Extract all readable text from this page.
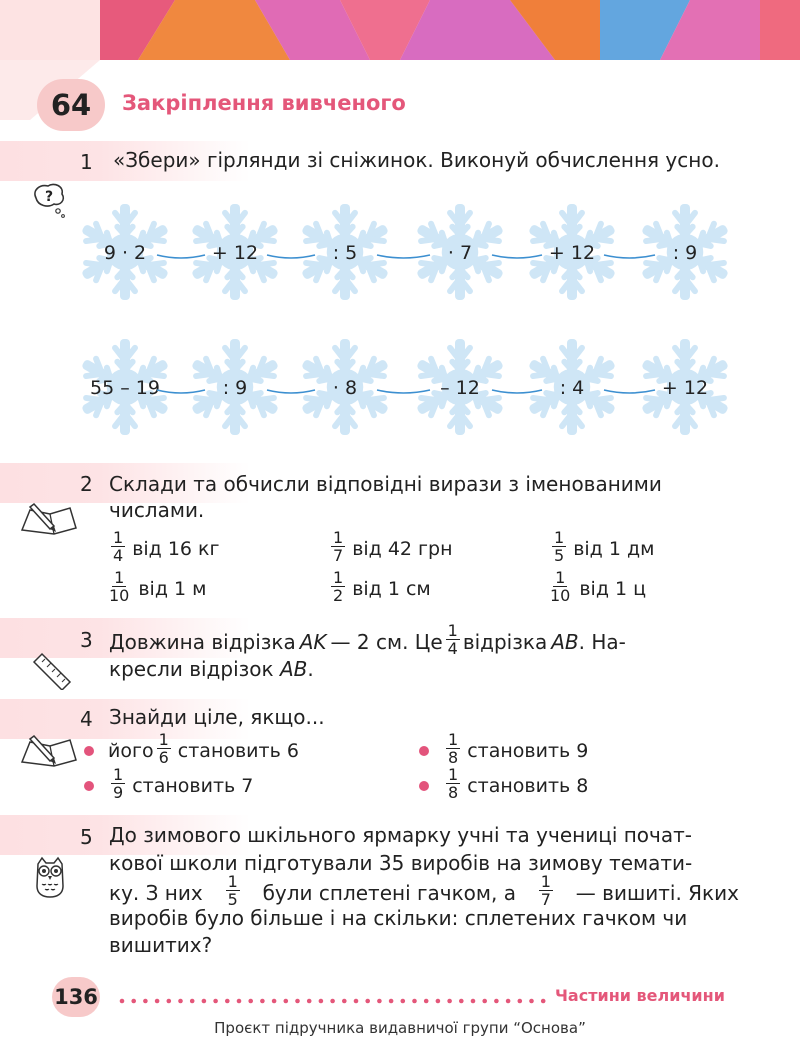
64 Закріплення вивченого
1 «Збери» гірлянди зі сніжинок. Виконуй обчислення усно.
?
9 · 2	+ 12	: 5	· 7	+ 12	: 9
55 – 19	: 9	· 8	– 12	: 4	+ 12
2 Склади та обчисли відповідні вирази з іменованими
числами.
$\frac{1}{4}$ від 16 кг	$\frac{1}{7}$ від 42 грн	$\frac{1}{5}$ від 1 дм
$\frac{1}{10}$ від 1 м	$\frac{1}{2}$ від 1 см	$\frac{1}{10}$ від 1 ц
3 Довжина відрізка AK — 2 см. Це $\frac{1}{4}$ відрізка AB . На-
кресли відрізок AB.
4 Знайди ціле, якщо...
його $\frac{1}{6}$ становить 6	$\frac{1}{8}$ становить 9
$\frac{1}{9}$ становить 7	$\frac{1}{8}$ становить 8
5 До зимового шкільного ярмарку учні та учениці почат-
кової школи підготували 35 виробів на зимову темати-
ку. З них $\frac{1}{5}$ були сплетені гачком, а $\frac{1}{7}$ — вишиті. Яких
виробів було більше і на скільки: сплетених гачком чи
вишитих?
136	Частини величини
Проєкт підручника видавничої групи “Основа”
